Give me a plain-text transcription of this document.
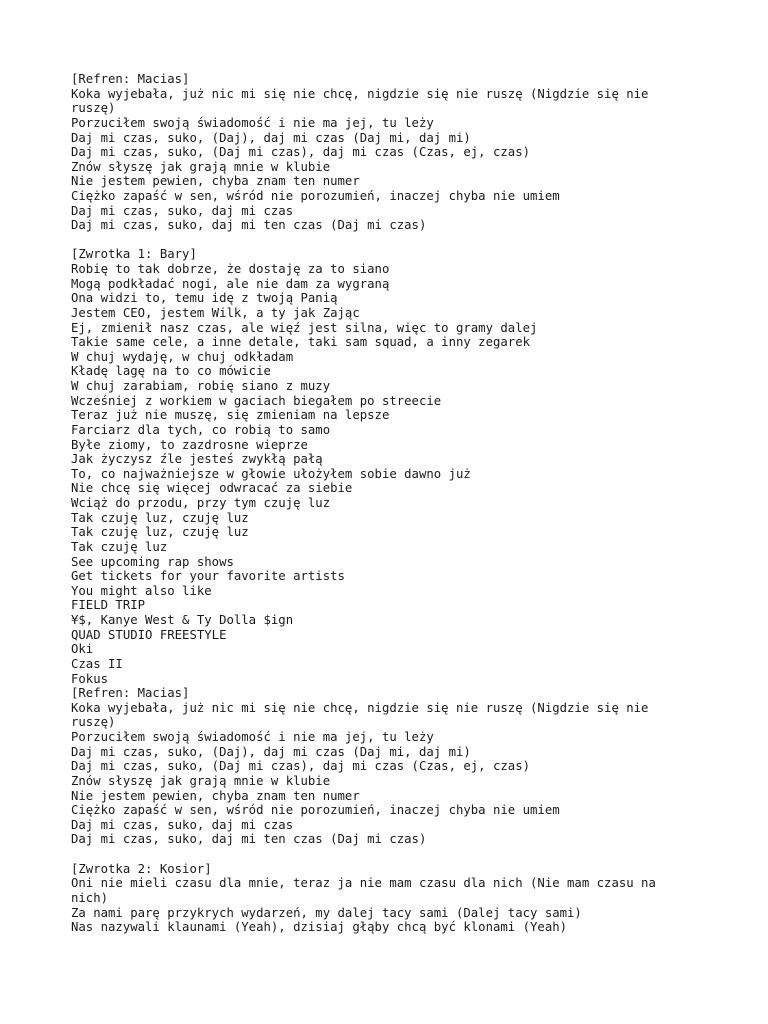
[Refren: Macias]
Koka wyjebała, już nic mi się nie chcę, nigdzie się nie ruszę (Nigdzie się nie
ruszę)
Porzuciłem swoją świadomość i nie ma jej, tu leży
Daj mi czas, suko, (Daj), daj mi czas (Daj mi, daj mi)
Daj mi czas, suko, (Daj mi czas), daj mi czas (Czas, ej, czas)
Znów słyszę jak grają mnie w klubie
Nie jestem pewien, chyba znam ten numer
Ciężko zapaść w sen, wśród nie porozumień, inaczej chyba nie umiem
Daj mi czas, suko, daj mi czas
Daj mi czas, suko, daj mi ten czas (Daj mi czas)
[Zwrotka 1: Bary]
Robię to tak dobrze, że dostaję za to siano
Mogą podkładać nogi, ale nie dam za wygraną
Ona widzi to, temu idę z twoją Panią
Jestem CEO, jestem Wilk, a ty jak Zając
Ej, zmienił nasz czas, ale więź jest silna, więc to gramy dalej
Takie same cele, a inne detale, taki sam squad, a inny zegarek
W chuj wydaję, w chuj odkładam
Kładę lagę na to co mówicie
W chuj zarabiam, robię siano z muzy
Wcześniej z workiem w gaciach biegałem po streecie
Teraz już nie muszę, się zmieniam na lepsze
Farciarz dla tych, co robią to samo
Byłe ziomy, to zazdrosne wieprze
Jak życzysz źle jesteś zwykłą pałą
To, co najważniejsze w głowie ułożyłem sobie dawno już
Nie chcę się więcej odwracać za siebie
Wciąż do przodu, przy tym czuję luz
Tak czuję luz, czuję luz
Tak czuję luz, czuję luz
Tak czuję luz
See upcoming rap shows
Get tickets for your favorite artists
You might also like
FIELD TRIP
¥$, Kanye West & Ty Dolla $ign
QUAD STUDIO FREESTYLE
Oki
Czas II
Fokus
[Refren: Macias]
Koka wyjebała, już nic mi się nie chcę, nigdzie się nie ruszę (Nigdzie się nie
ruszę)
Porzuciłem swoją świadomość i nie ma jej, tu leży
Daj mi czas, suko, (Daj), daj mi czas (Daj mi, daj mi)
Daj mi czas, suko, (Daj mi czas), daj mi czas (Czas, ej, czas)
Znów słyszę jak grają mnie w klubie
Nie jestem pewien, chyba znam ten numer
Ciężko zapaść w sen, wśród nie porozumień, inaczej chyba nie umiem
Daj mi czas, suko, daj mi czas
Daj mi czas, suko, daj mi ten czas (Daj mi czas)
[Zwrotka 2: Kosior]
Oni nie mieli czasu dla mnie, teraz ja nie mam czasu dla nich (Nie mam czasu na
nich)
Za nami parę przykrych wydarzeń, my dalej tacy sami (Dalej tacy sami)
Nas nazywali klaunami (Yeah), dzisiaj głąby chcą być klonami (Yeah)
